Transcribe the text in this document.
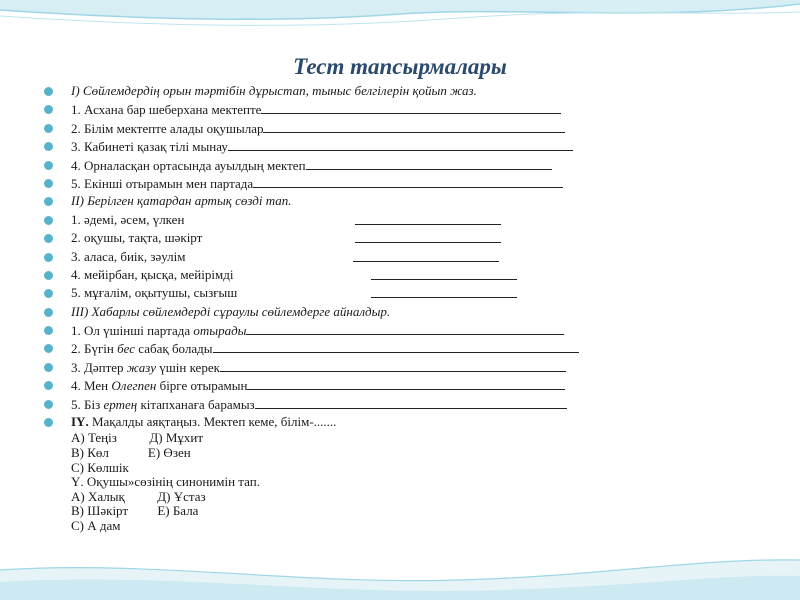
Тест тапсырмалары
І) Сөйлемдердің орын тәртібін дұрыстап, тыныс белгілерін қойып жаз.
1. Асхана бар шеберхана мектепте
2. Білім мектепте алады оқушылар
3. Кабинеті қазақ тілі мынау
4. Орналасқан ортасында ауылдың мектеп
5. Екінші отырамын мен партада
ІІ) Берілген қатардан артық сөзді тап.
1. әдемі, әсем, үлкен
2. оқушы, тақта, шәкірт
3. аласа, биік, зәулім
4. мейірбан, қысқа, мейірімді
5. мұғалім, оқытушы, сызғыш
ІІІ) Хабарлы сөйлемдерді сұраулы сөйлемдерге айналдыр.
1. Ол үшінші партада отырады
2. Бүгін бес сабақ болады
3. Дәптер жазу үшін керек
4. Мен Олегпен бірге отырамын
5. Біз ертең кітапханаға барамыз
ІҮ. Мақалды аяқтаңыз. Мектеп кеме, білім-.......
А) Теңіз          Д) Мұхит
В) Көл            Е) Өзен
С) Көлшік
Ү. Оқушы»сөзінің синонимін тап.
А) Халық          Д) Ұстаз
В) Шәкірт         Е) Бала
С) А дам
